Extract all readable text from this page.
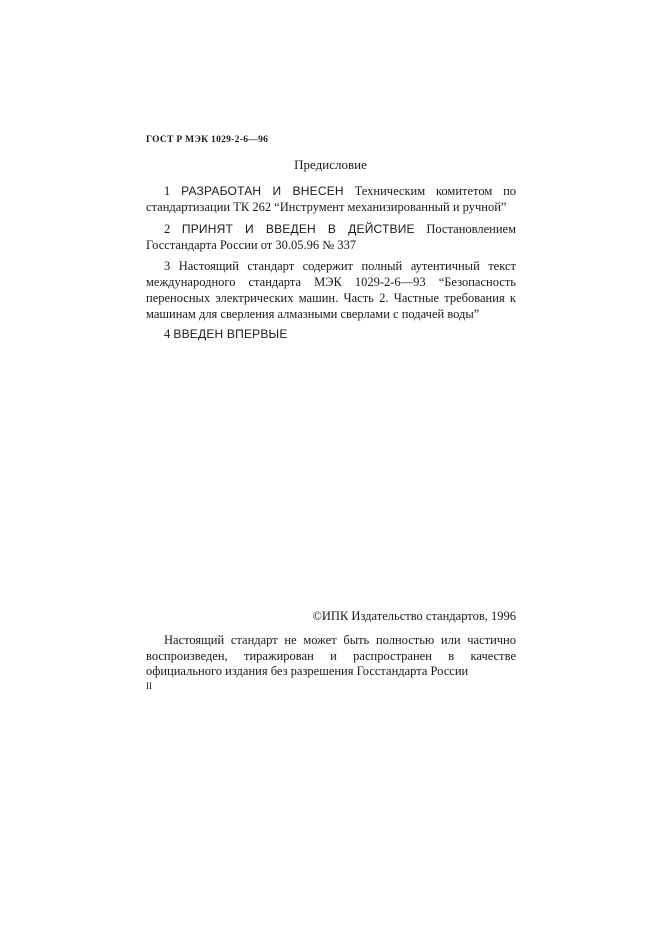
ГОСТ Р МЭК 1029-2-6—96
Предисловие

1 РАЗРАБОТАН И ВНЕСЕН Техническим комитетом по стандартизации ТК 262 “Инструмент механизированный и ручной”

2 ПРИНЯТ И ВВЕДЕН В ДЕЙСТВИЕ Постановлением Госстандарта России от 30.05.96 № 337

3 Настоящий стандарт содержит полный аутентичный текст международного стандарта МЭК 1029-2-6—93 “Безопасность переносных электрических машин. Часть 2. Частные требования к машинам для сверления алмазными сверлами с подачей воды”

4 ВВЕДЕН ВПЕРВЫЕ

©ИПК Издательство стандартов, 1996

Настоящий стандарт не может быть полностью или частично воспроизведен, тиражирован и распространен в качестве официального издания без разрешения Госстандарта России

II
